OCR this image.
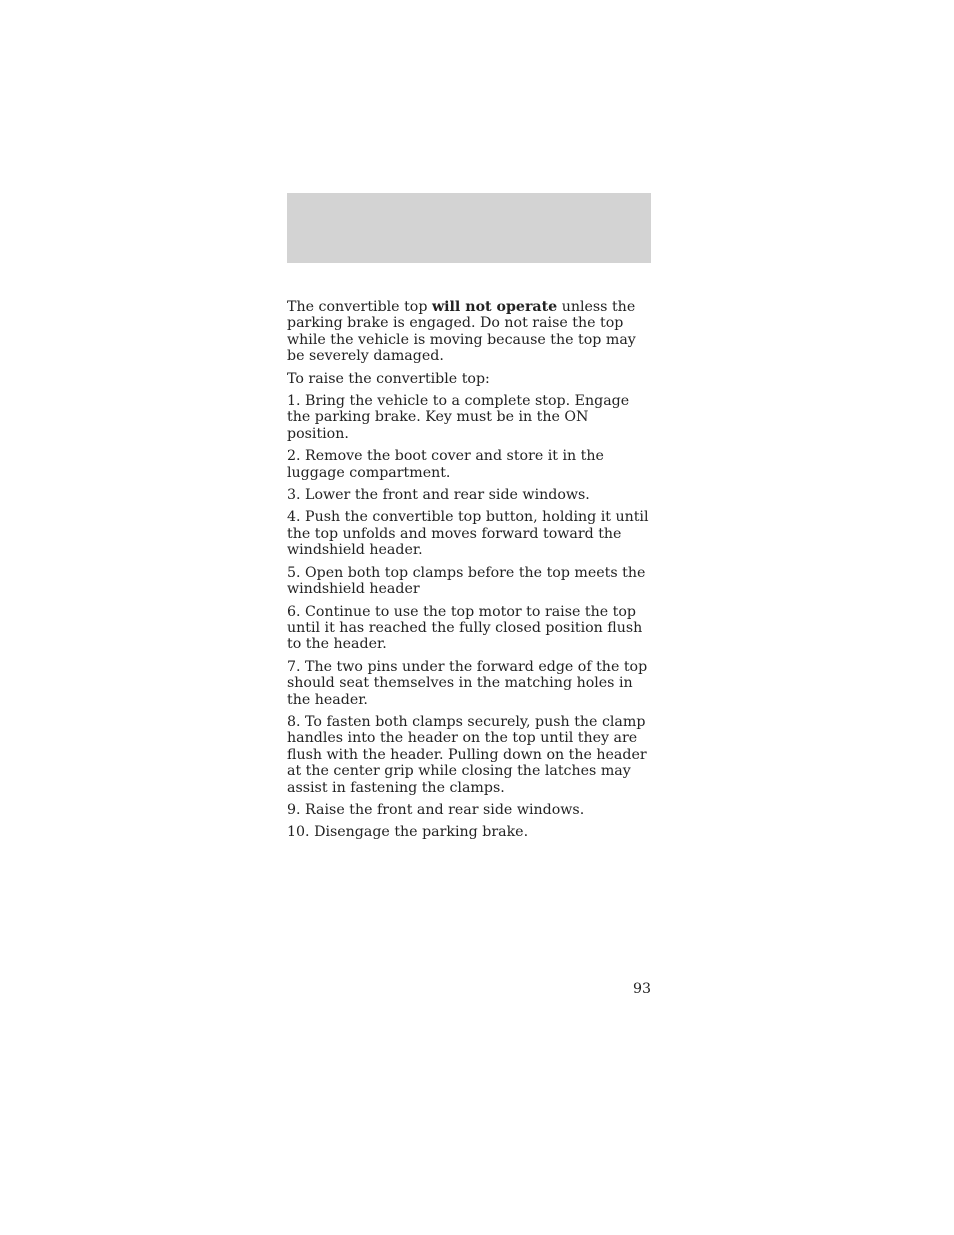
The convertible top will not operate unless the parking brake is engaged. Do not raise the top while the vehicle is moving because the top may be severely damaged.

To raise the convertible top:

1. Bring the vehicle to a complete stop. Engage the parking brake. Key must be in the ON position.

2. Remove the boot cover and store it in the luggage compartment.

3. Lower the front and rear side windows.

4. Push the convertible top button, holding it until the top unfolds and moves forward toward the windshield header.

5. Open both top clamps before the top meets the windshield header

6. Continue to use the top motor to raise the top until it has reached the fully closed position flush to the header.

7. The two pins under the forward edge of the top should seat themselves in the matching holes in the header.

8. To fasten both clamps securely, push the clamp handles into the header on the top until they are flush with the header. Pulling down on the header at the center grip while closing the latches may assist in fastening the clamps.

9. Raise the front and rear side windows.

10. Disengage the parking brake.

93
